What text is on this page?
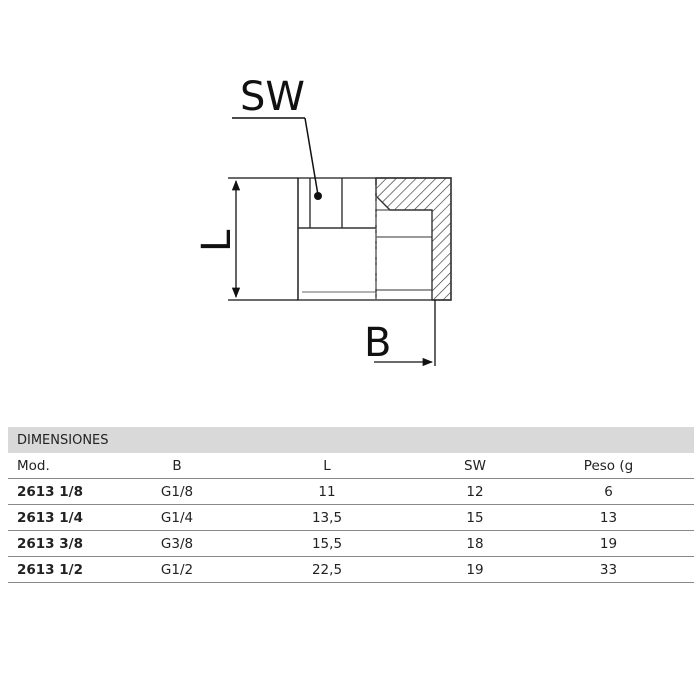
SW
L
B
DIMENSIONES				
Mod.	B	L	SW	Peso (g
2613 1/8	G1/8	11	12	6
2613 1/4	G1/4	13,5	15	13
2613 3/8	G3/8	15,5	18	19
2613 1/2	G1/2	22,5	19	33
